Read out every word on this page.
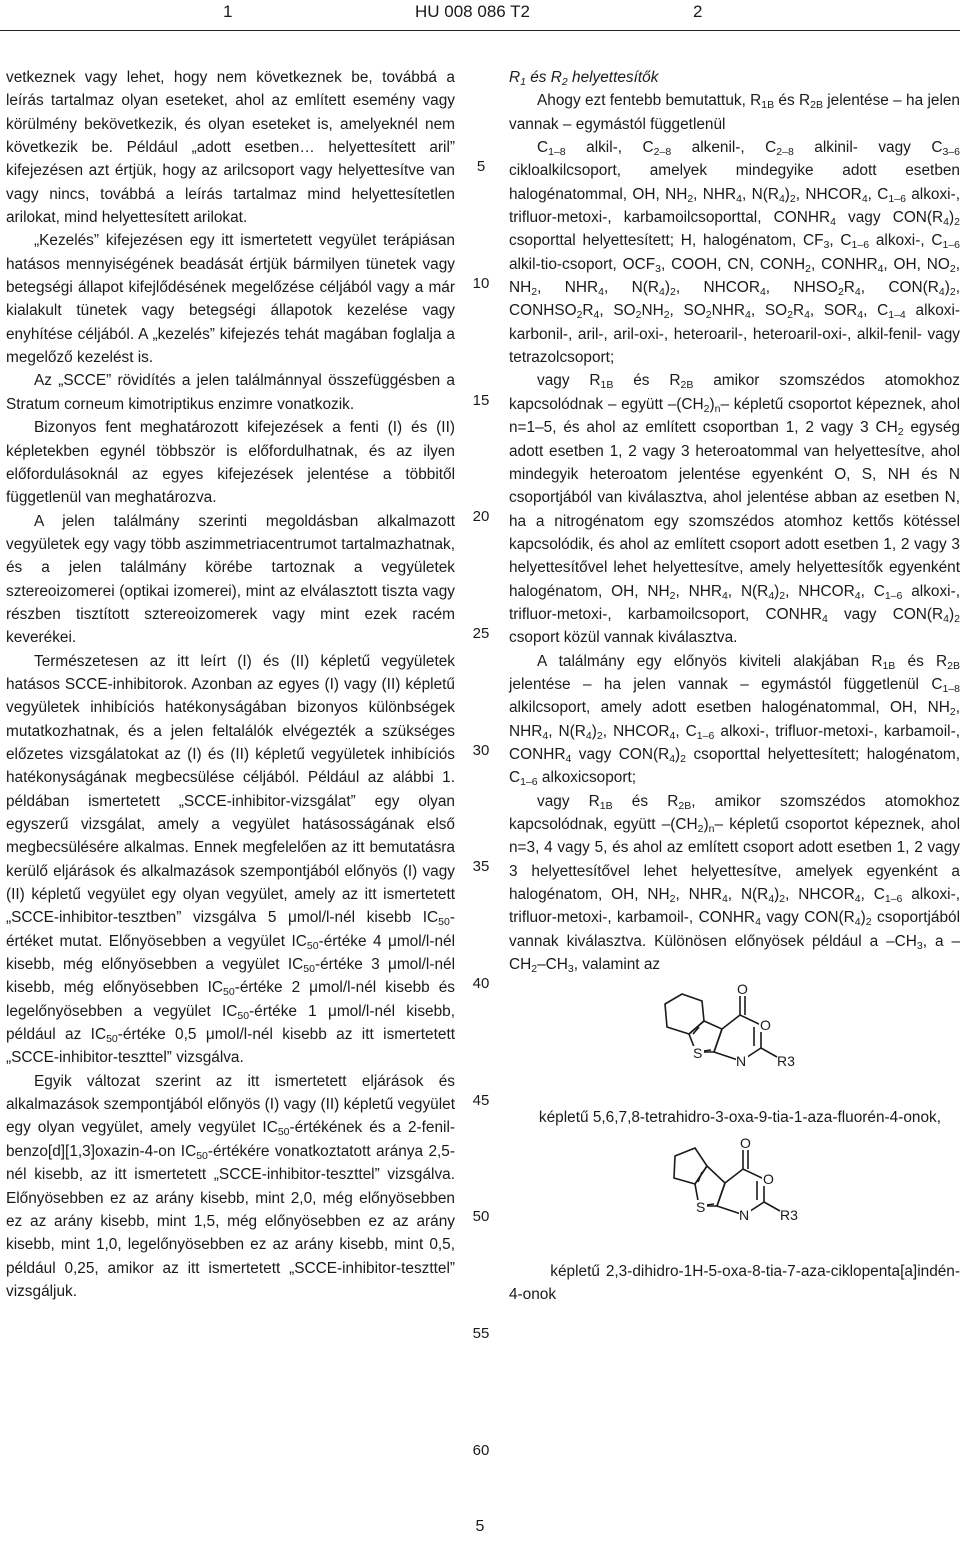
1	HU 008 086 T2	2

vetkeznek vagy lehet, hogy nem következnek be, továbbá a leírás tartalmaz olyan eseteket, ahol az említett esemény vagy körülmény bekövetkezik, és olyan eseteket is, amelyeknél nem következik be. Például „adott esetben… helyettesített aril” kifejezésen azt értjük, hogy az arilcsoport vagy helyettesítve van vagy nincs, továbbá a leírás tartalmaz mind helyettesítetlen arilokat, mind helyettesített arilokat.

„Kezelés” kifejezésen egy itt ismertetett vegyület terápiásan hatásos mennyiségének beadását értjük bármilyen tünetek vagy betegségi állapot kifejlődésének megelőzése céljából vagy a már kialakult tünetek vagy betegségi állapotok kezelése vagy enyhítése céljából. A „kezelés” kifejezés tehát magában foglalja a megelőző kezelést is.

Az „SCCE” rövidítés a jelen találmánnyal összefüggésben a Stratum corneum kimotriptikus enzimre vonatkozik.

Bizonyos fent meghatározott kifejezések a fenti (I) és (II) képletekben egynél többször is előfordulhatnak, és az ilyen előfordulásoknál az egyes kifejezések jelentése a többitől függetlenül van meghatározva.

A jelen találmány szerinti megoldásban alkalmazott vegyületek egy vagy több aszimmetriacentrumot tartalmazhatnak, és a jelen találmány körébe tartoznak a vegyületek sztereoizomerei (optikai izomerei), mint az elválasztott tiszta vagy részben tisztított sztereoizomerek vagy mint ezek racém keverékei.

Természetesen az itt leírt (I) és (II) képletű vegyületek hatásos SCCE-inhibitorok. Azonban az egyes (I) vagy (II) képletű vegyületek inhibíciós hatékonyságában bizonyos különbségek mutatkozhatnak, és a jelen feltalálók elvégezték a szükséges előzetes vizsgálatokat az (I) és (II) képletű vegyületek inhibíciós hatékonyságának megbecsülése céljából. Például az alábbi 1. példában ismertetett „SCCE-inhibitor-vizsgálat” egy olyan egyszerű vizsgálat, amely a vegyület hatásosságának első megbecsülésére alkalmas. Ennek megfelelően az itt bemutatásra kerülő eljárások és alkalmazások szempontjából előnyös (I) vagy (II) képletű vegyület egy olyan vegyület, amely az itt ismertetett „SCCE-inhibitor-tesztben” vizsgálva 5 μmol/l-nél kisebb $IC_{50}$-értéket mutat. Előnyösebben a vegyület $IC_{50}$-értéke 4 μmol/l-nél kisebb, még előnyösebben a vegyület $IC_{50}$-értéke 3 μmol/l-nél kisebb, még előnyösebben $IC_{50}$-értéke 2 μmol/l-nél kisebb és legelőnyösebben a vegyület $IC_{50}$-értéke 1 μmol/l-nél kisebb, például az $IC_{50}$-értéke 0,5 μmol/l-nél kisebb az itt ismertetett „SCCE-inhibitor-teszttel” vizsgálva.

Egyik változat szerint az itt ismertetett eljárások és alkalmazások szempontjából előnyös (I) vagy (II) képletű vegyület egy olyan vegyület, amely vegyület $IC_{50}$-értékének és a 2-fenil-benzo[d][1,3]oxazin-4-on $IC_{50}$-értékére vonatkoztatott aránya 2,5-nél kisebb, az itt ismertetett „SCCE-inhibitor-teszttel” vizsgálva. Előnyösebben ez az arány kisebb, mint 2,0, még előnyösebben ez az arány kisebb, mint 1,5, még előnyösebben ez az arány kisebb, mint 1,0, legelőnyösebben ez az arány kisebb, mint 0,5, például 0,25, amikor az itt ismertetett „SCCE-inhibitor-teszttel” vizsgáljuk.

5
10
15
20
25
30
35
40
45
50
55
60

$R_1$ és $R_2$ helyettesítők

Ahogy ezt fentebb bemutattuk, $R_{1B}$ és $R_{2B}$ jelentése – ha jelen vannak – egymástól függetlenül

$C_{1-8}$ alkil-, $C_{2-8}$ alkenil-, $C_{2-8}$ alkinil- vagy $C_{3-6}$ cikloalkilcsoport, amelyek mindegyike adott esetben halogénatommal, OH, $NH_2$, $NHR_4$, $N(R_4)_2$, $NHCOR_4$, $C_{1-6}$ alkoxi-, trifluor-metoxi-, karbamoilcsoporttal, $CONHR_4$ vagy $CON(R_4)_2$ csoporttal helyettesített; H, halogénatom, $CF_3$, $C_{1-6}$ alkoxi-, $C_{1-6}$ alkil-tio-csoport, $OCF_3$, COOH, CN, $CONH_2$, $CONHR_4$, OH, $NO_2$, $NH_2$, $NHR_4$, $N(R_4)_2$, $NHCOR_4$, $NHSO_2R_4$, $CON(R_4)_2$, $CONHSO_2R_4$, $SO_2NH_2$, $SO_2NHR_4$, $SO_2R_4$, $SOR_4$, $C_{1-4}$ alkoxi-karbonil-, aril-, aril-oxi-, heteroaril-, heteroaril-oxi-, alkil-fenil- vagy tetrazolcsoport;

vagy $R_{1B}$ és $R_{2B}$ amikor szomszédos atomokhoz kapcsolódnak – együtt $-(CH_2)_n-$ képletű csoportot képeznek, ahol n=1–5, és ahol az említett csoportban 1, 2 vagy 3 $CH_2$ egység adott esetben 1, 2 vagy 3 heteroatommal van helyettesítve, ahol mindegyik heteroatom jelentése egyenként O, S, NH és N csoportjából van kiválasztva, ahol jelentése abban az esetben N, ha a nitrogénatom egy szomszédos atomhoz kettős kötéssel kapcsolódik, és ahol az említett csoport adott esetben 1, 2 vagy 3 helyettesítővel lehet helyettesítve, amely helyettesítők egyenként halogénatom, OH, $NH_2$, $NHR_4$, $N(R_4)_2$, $NHCOR_4$, $C_{1-6}$ alkoxi-, trifluor-metoxi-, karbamoilcsoport, $CONHR_4$ vagy $CON(R_4)_2$ csoport közül vannak kiválasztva.

A találmány egy előnyös kiviteli alakjában $R_{1B}$ és $R_{2B}$ jelentése – ha jelen vannak – egymástól függetlenül $C_{1-8}$ alkilcsoport, amely adott esetben halogénatommal, OH, $NH_2$, $NHR_4$, $N(R_4)_2$, $NHCOR_4$, $C_{1-6}$ alkoxi-, trifluor-metoxi-, karbamoil-, $CONHR_4$ vagy $CON(R_4)_2$ csoporttal helyettesített; halogénatom, $C_{1-6}$ alkoxicsoport;

vagy $R_{1B}$ és $R_{2B}$, amikor szomszédos atomokhoz kapcsolódnak, együtt $-(CH_2)_n-$ képletű csoportot képeznek, ahol n=3, 4 vagy 5, és ahol az említett csoport adott esetben 1, 2 vagy 3 helyettesítővel lehet helyettesítve, amelyek egyenként a halogénatom, OH, $NH_2$, $NHR_4$, $N(R_4)_2$, $NHCOR_4$, $C_{1-6}$ alkoxi-, trifluor-metoxi-, karbamoil-, $CONHR_4$ vagy $CON(R_4)_2$ csoportjából vannak kiválasztva. Különösen előnyösek például a $-CH_3$, a $-CH_2-CH_3$, valamint az

O
O
S N R3

képletű 5,6,7,8-tetrahidro-3-oxa-9-tia-1-aza-fluorén-4-onok,

O
O
S N R3

képletű 2,3-dihidro-1H-5-oxa-8-tia-7-aza-ciklopenta[a]indén-4-onok

5
